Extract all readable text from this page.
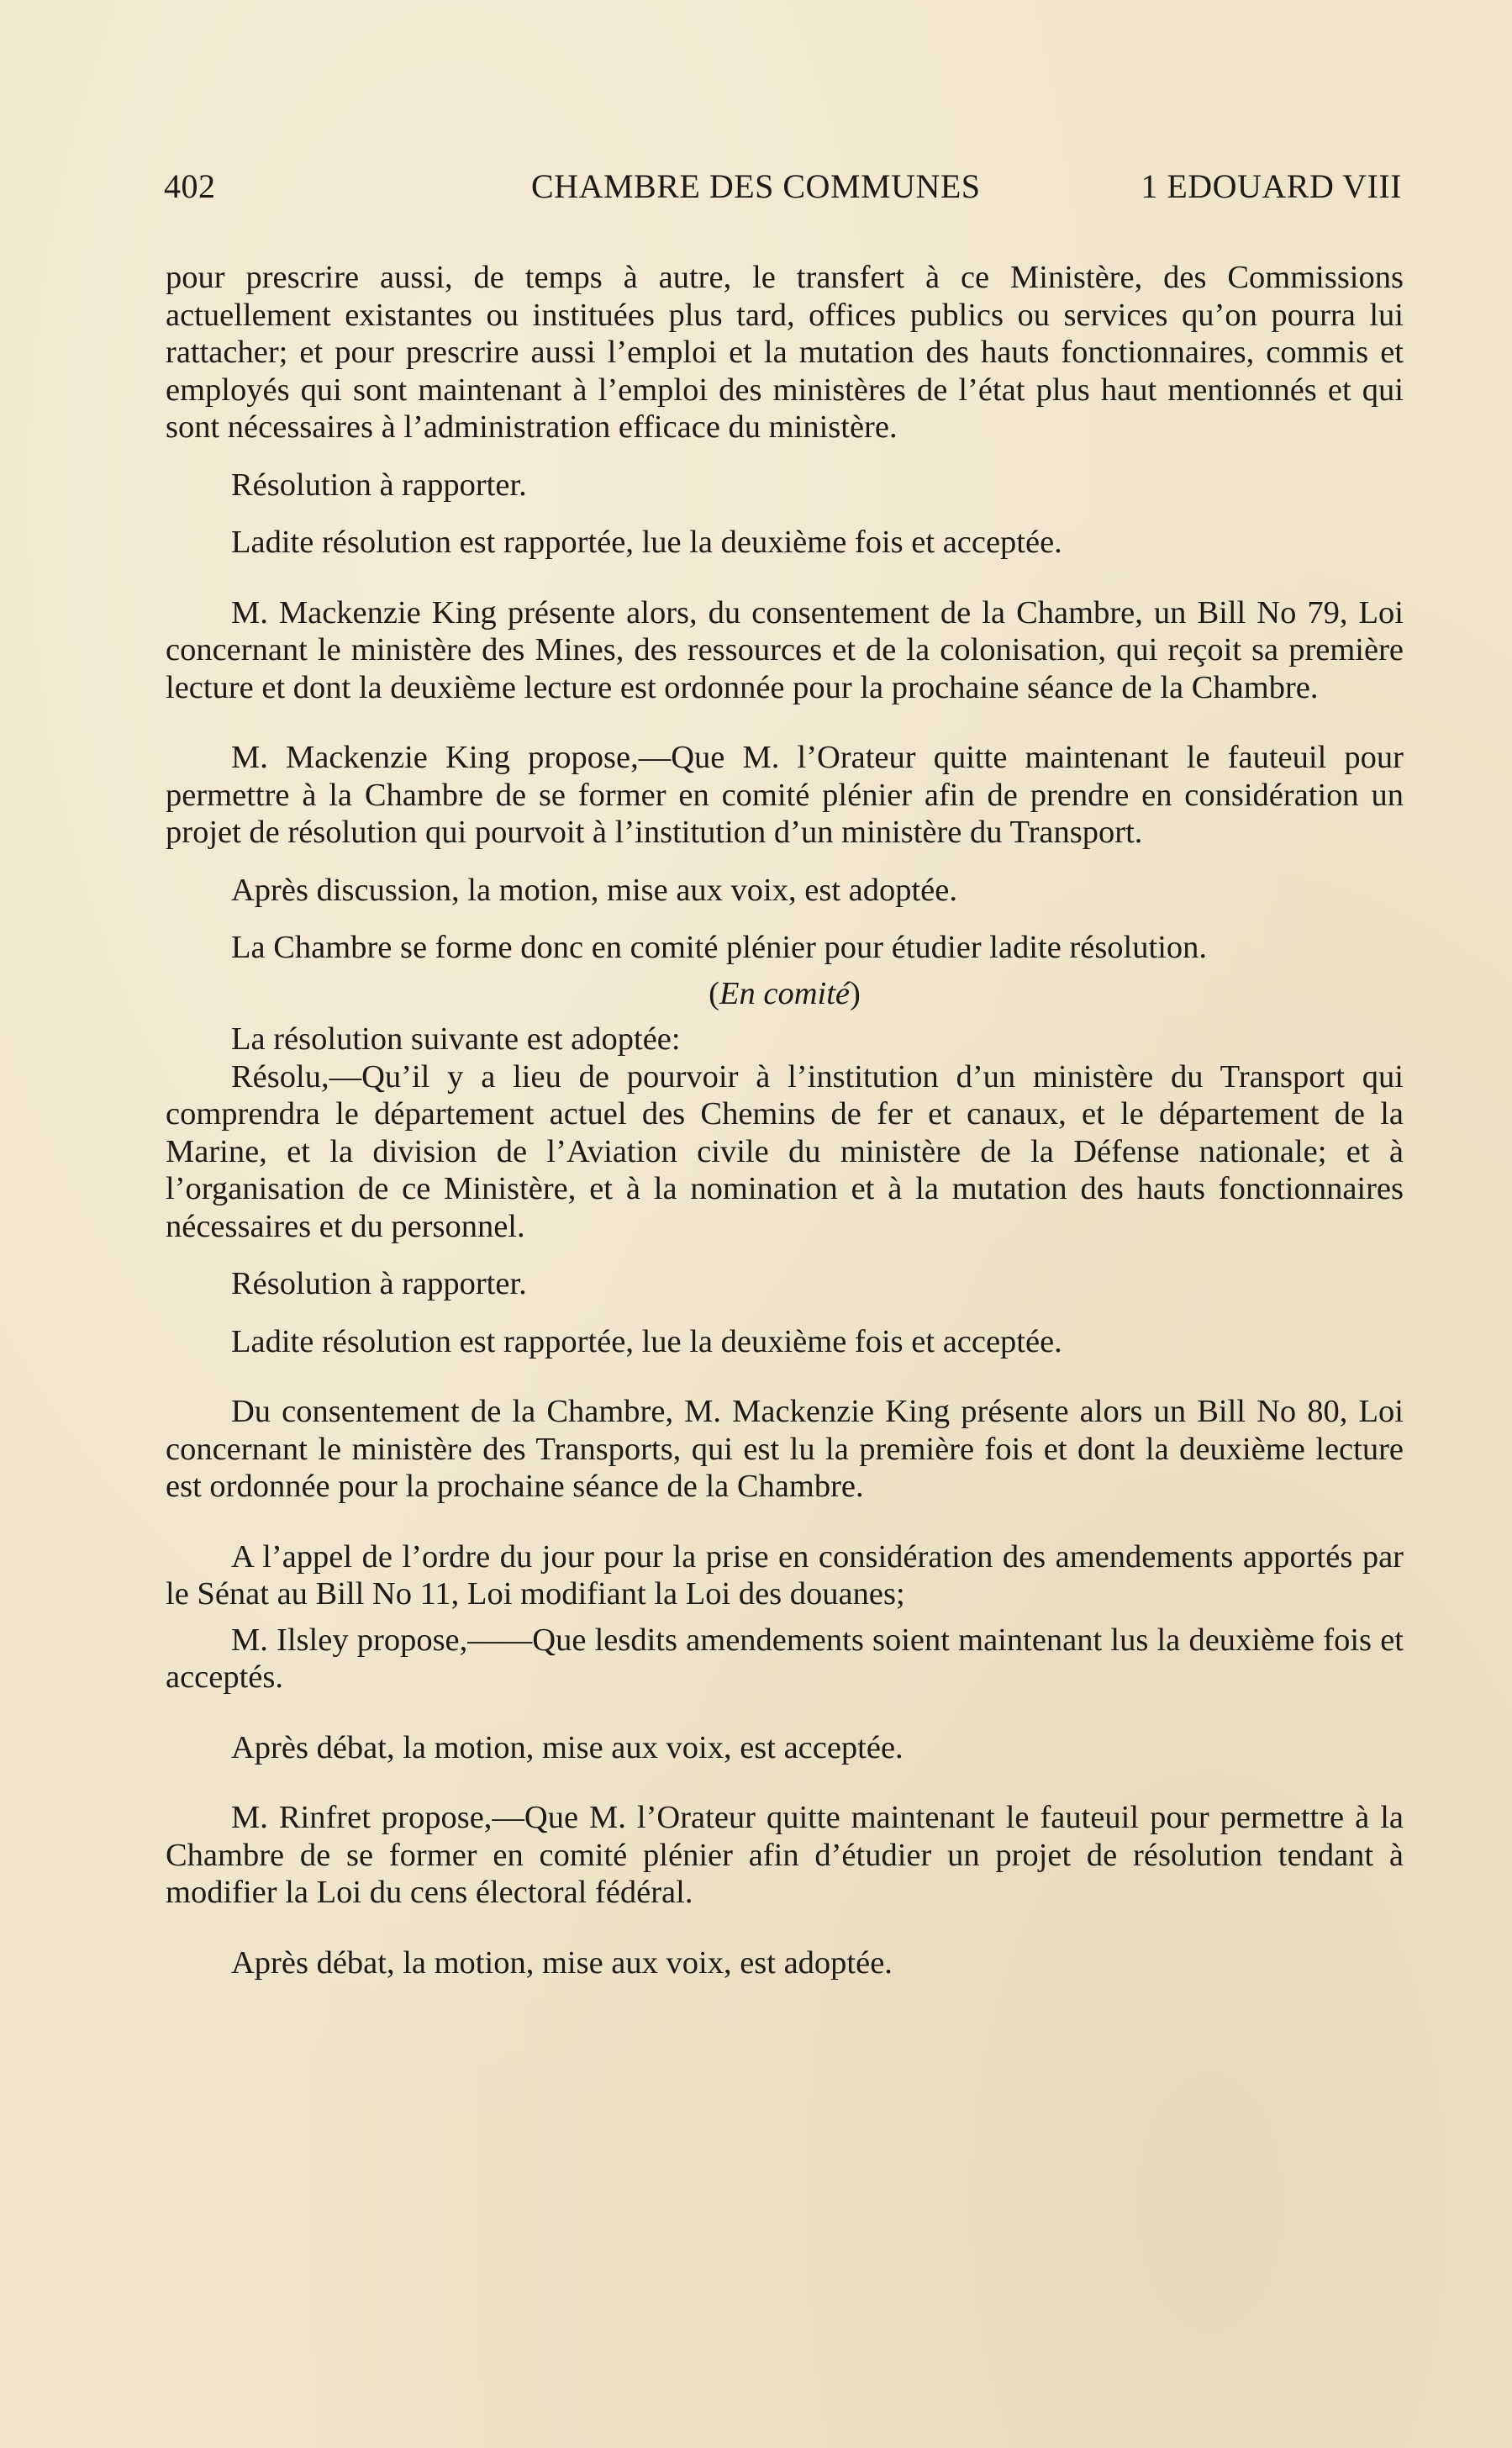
402	CHAMBRE DES COMMUNES	1 EDOUARD VIII

pour prescrire aussi, de temps à autre, le transfert à ce Ministère, des Commissions actuellement existantes ou instituées plus tard, offices publics ou services qu’on pourra lui rattacher; et pour prescrire aussi l’emploi et la mutation des hauts fonctionnaires, commis et employés qui sont maintenant à l’emploi des ministères de l’état plus haut mentionnés et qui sont nécessaires à l’administration efficace du ministère.

Résolution à rapporter.

Ladite résolution est rapportée, lue la deuxième fois et acceptée.

M. Mackenzie King présente alors, du consentement de la Chambre, un Bill No 79, Loi concernant le ministère des Mines, des ressources et de la colonisation, qui reçoit sa première lecture et dont la deuxième lecture est ordonnée pour la prochaine séance de la Chambre.

M. Mackenzie King propose,—Que M. l’Orateur quitte maintenant le fauteuil pour permettre à la Chambre de se former en comité plénier afin de prendre en considération un projet de résolution qui pourvoit à l’institution d’un ministère du Transport.

Après discussion, la motion, mise aux voix, est adoptée.

La Chambre se forme donc en comité plénier pour étudier ladite résolution.

(En comité)

La résolution suivante est adoptée:

Résolu,—Qu’il y a lieu de pourvoir à l’institution d’un ministère du Transport qui comprendra le département actuel des Chemins de fer et canaux, et le département de la Marine, et la division de l’Aviation civile du ministère de la Défense nationale; et à l’organisation de ce Ministère, et à la nomination et à la mutation des hauts fonctionnaires nécessaires et du personnel.

Résolution à rapporter.

Ladite résolution est rapportée, lue la deuxième fois et acceptée.

Du consentement de la Chambre, M. Mackenzie King présente alors un Bill No 80, Loi concernant le ministère des Transports, qui est lu la première fois et dont la deuxième lecture est ordonnée pour la prochaine séance de la Chambre.

A l’appel de l’ordre du jour pour la prise en considération des amendements apportés par le Sénat au Bill No 11, Loi modifiant la Loi des douanes;

M. Ilsley propose,——Que lesdits amendements soient maintenant lus la deuxième fois et acceptés.

Après débat, la motion, mise aux voix, est acceptée.

M. Rinfret propose,—Que M. l’Orateur quitte maintenant le fauteuil pour permettre à la Chambre de se former en comité plénier afin d’étudier un projet de résolution tendant à modifier la Loi du cens électoral fédéral.

Après débat, la motion, mise aux voix, est adoptée.
